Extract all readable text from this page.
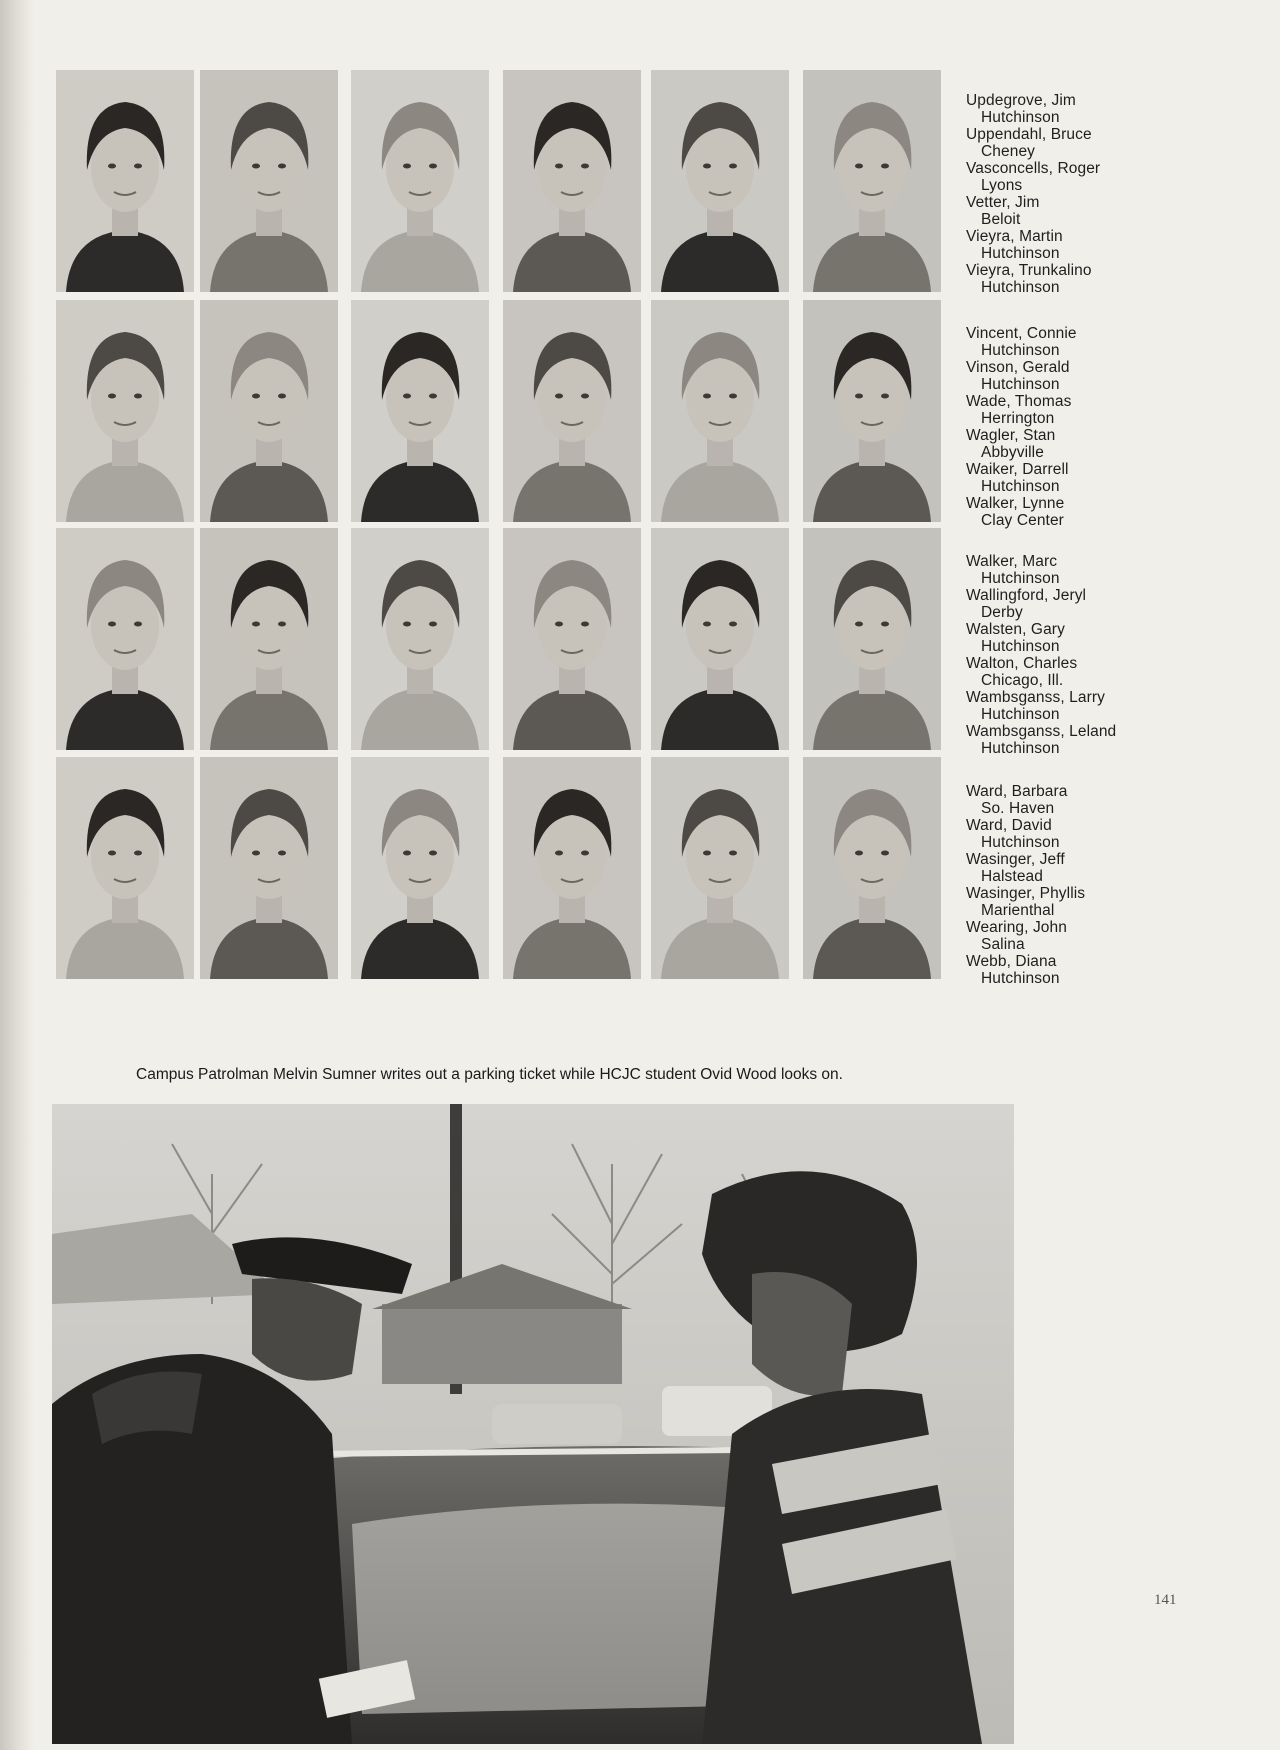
Updegrove, Jim
Hutchinson
Uppendahl, Bruce
Cheney
Vasconcells, Roger
Lyons
Vetter, Jim
Beloit
Vieyra, Martin
Hutchinson
Vieyra, Trunkalino
Hutchinson
Vincent, Connie
Hutchinson
Vinson, Gerald
Hutchinson
Wade, Thomas
Herrington
Wagler, Stan
Abbyville
Waiker, Darrell
Hutchinson
Walker, Lynne
Clay Center
Walker, Marc
Hutchinson
Wallingford, Jeryl
Derby
Walsten, Gary
Hutchinson
Walton, Charles
Chicago, Ill.
Wambsganss, Larry
Hutchinson
Wambsganss, Leland
Hutchinson
Ward, Barbara
So. Haven
Ward, David
Hutchinson
Wasinger, Jeff
Halstead
Wasinger, Phyllis
Marienthal
Wearing, John
Salina
Webb, Diana
Hutchinson
Campus Patrolman Melvin Sumner writes out a parking ticket while HCJC student Ovid Wood looks on.
141
